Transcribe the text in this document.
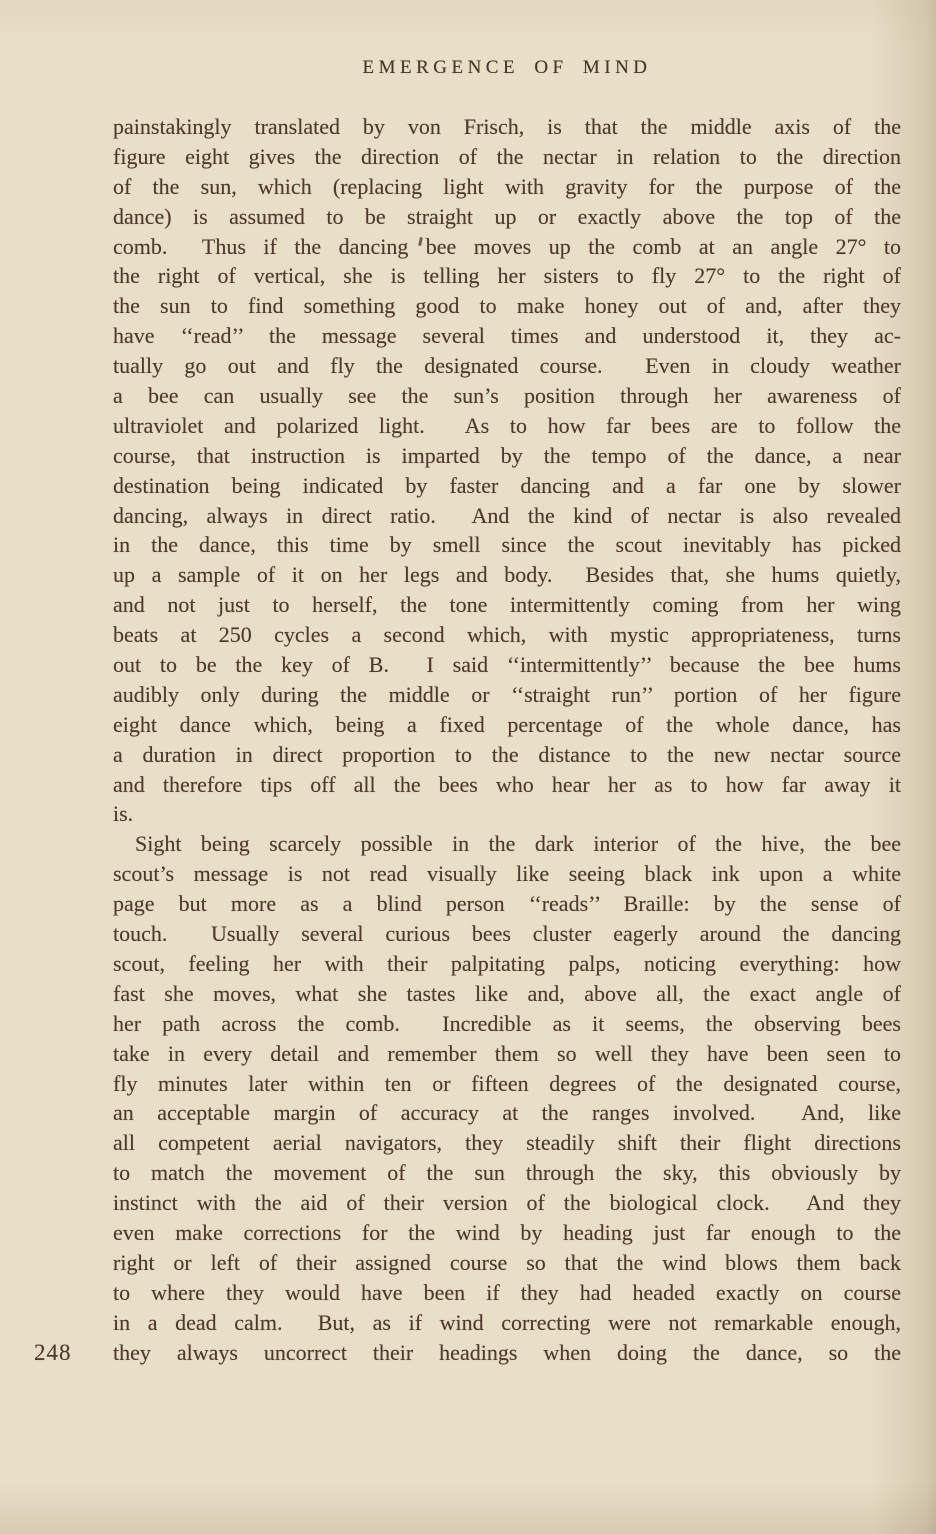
EMERGENCE OF MIND
painstakingly translated by von Frisch, is that the middle axis of the
figure eight gives the direction of the nectar in relation to the direction
of the sun, which (replacing light with gravity for the purpose of the
dance) is assumed to be straight up or exactly above the top of the
comb.  Thus if the dancing bee moves up the comb at an angle 27° to
the right of vertical, she is telling her sisters to fly 27° to the right of
the sun to find something good to make honey out of and, after they
have ‘‘read’’ the message several times and understood it, they ac-
tually go out and fly the designated course.  Even in cloudy weather
a bee can usually see the sun’s position through her awareness of
ultraviolet and polarized light.  As to how far bees are to follow the
course, that instruction is imparted by the tempo of the dance, a near
destination being indicated by faster dancing and a far one by slower
dancing, always in direct ratio.  And the kind of nectar is also revealed
in the dance, this time by smell since the scout inevitably has picked
up a sample of it on her legs and body.  Besides that, she hums quietly,
and not just to herself, the tone intermittently coming from her wing
beats at 250 cycles a second which, with mystic appropriateness, turns
out to be the key of B.  I said ‘‘intermittently’’ because the bee hums
audibly only during the middle or ‘‘straight run’’ portion of her figure
eight dance which, being a fixed percentage of the whole dance, has
a duration in direct proportion to the distance to the new nectar source
and therefore tips off all the bees who hear her as to how far away it
is.
Sight being scarcely possible in the dark interior of the hive, the bee
scout’s message is not read visually like seeing black ink upon a white
page but more as a blind person ‘‘reads’’ Braille: by the sense of
touch.  Usually several curious bees cluster eagerly around the dancing
scout, feeling her with their palpitating palps, noticing everything: how
fast she moves, what she tastes like and, above all, the exact angle of
her path across the comb.  Incredible as it seems, the observing bees
take in every detail and remember them so well they have been seen to
fly minutes later within ten or fifteen degrees of the designated course,
an acceptable margin of accuracy at the ranges involved.  And, like
all competent aerial navigators, they steadily shift their flight directions
to match the movement of the sun through the sky, this obviously by
instinct with the aid of their version of the biological clock.  And they
even make corrections for the wind by heading just far enough to the
right or left of their assigned course so that the wind blows them back
to where they would have been if they had headed exactly on course
in a dead calm.  But, as if wind correcting were not remarkable enough,
they always uncorrect their headings when doing the dance, so the
248
